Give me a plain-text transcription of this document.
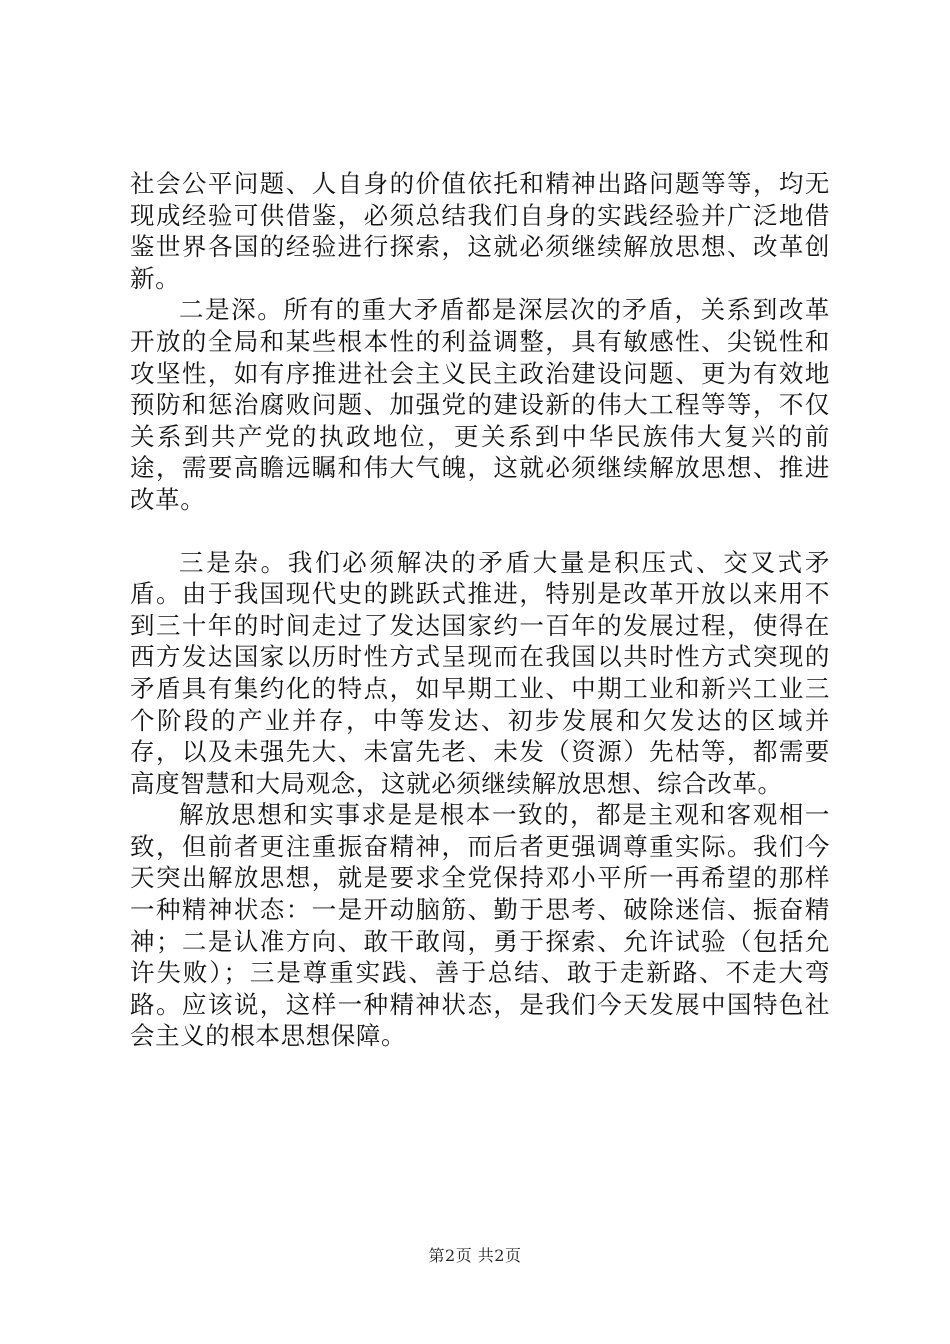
社会公平问题、人自身的价值依托和精神出路问题等等，均无现成经验可供借鉴，必须总结我们自身的实践经验并广泛地借鉴世界各国的经验进行探索，这就必须继续解放思想、改革创新。

二是深。所有的重大矛盾都是深层次的矛盾，关系到改革开放的全局和某些根本性的利益调整，具有敏感性、尖锐性和攻坚性，如有序推进社会主义民主政治建设问题、更为有效地预防和惩治腐败问题、加强党的建设新的伟大工程等等，不仅关系到共产党的执政地位，更关系到中华民族伟大复兴的前途，需要高瞻远瞩和伟大气魄，这就必须继续解放思想、推进改革。

三是杂。我们必须解决的矛盾大量是积压式、交叉式矛盾。由于我国现代史的跳跃式推进，特别是改革开放以来用不到三十年的时间走过了发达国家约一百年的发展过程，使得在西方发达国家以历时性方式呈现而在我国以共时性方式突现的矛盾具有集约化的特点，如早期工业、中期工业和新兴工业三个阶段的产业并存，中等发达、初步发展和欠发达的区域并存，以及未强先大、未富先老、未发（资源）先枯等，都需要高度智慧和大局观念，这就必须继续解放思想、综合改革。

解放思想和实事求是是根本一致的，都是主观和客观相一致，但前者更注重振奋精神，而后者更强调尊重实际。我们今天突出解放思想，就是要求全党保持邓小平所一再希望的那样一种精神状态：一是开动脑筋、勤于思考、破除迷信、振奋精神；二是认准方向、敢干敢闯，勇于探索、允许试验（包括允许失败）；三是尊重实践、善于总结、敢于走新路、不走大弯路。应该说，这样一种精神状态，是我们今天发展中国特色社会主义的根本思想保障。

第2页 共2页
